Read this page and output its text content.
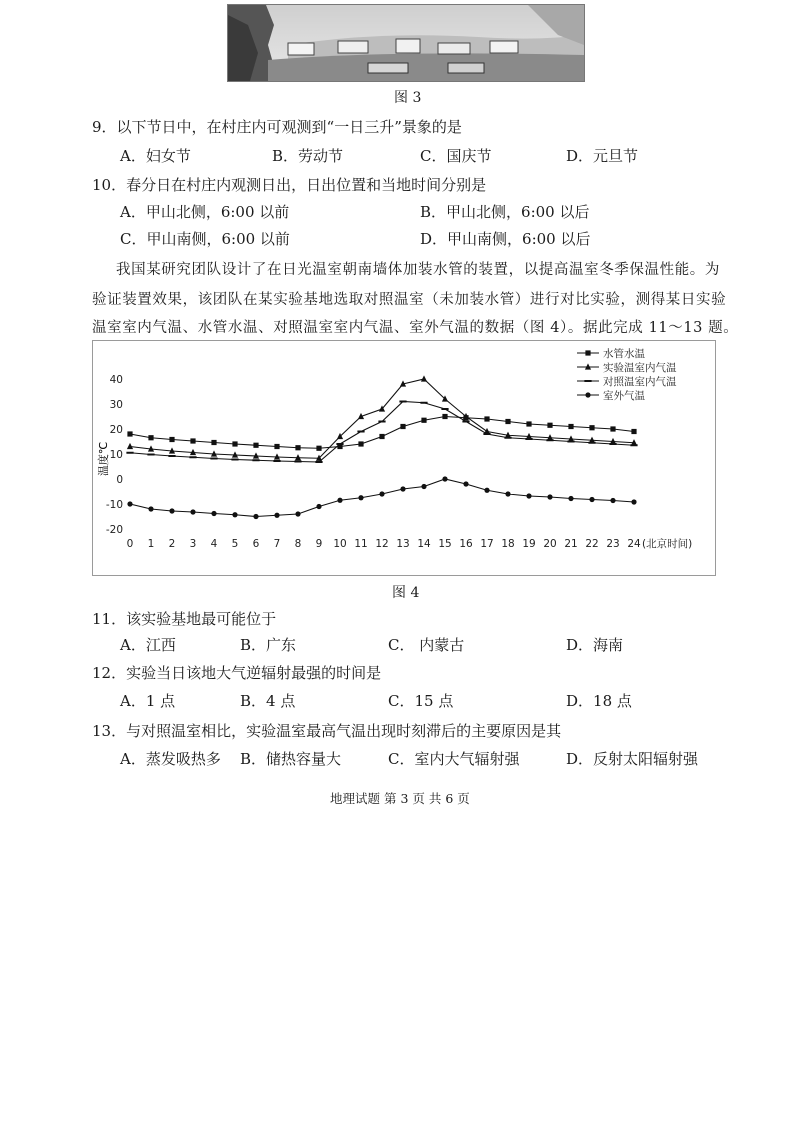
图 3
9．以下节日中，在村庄内可观测到“一日三升”景象的是
A．妇女节	B．劳动节	C．国庆节	D．元旦节
10．春分日在村庄内观测日出，日出位置和当地时间分别是
A．甲山北侧，6:00 以前	B．甲山北侧，6:00 以后
C．甲山南侧，6:00 以前	D．甲山南侧，6:00 以后
我国某研究团队设计了在日光温室朝南墙体加装水管的装置，以提高温室冬季保温性能。为
验证装置效果，该团队在某实验基地选取对照温室（未加装水管）进行对比实验，测得某日实验
温室室内气温、水管水温、对照温室室内气温、室外气温的数据（图 4）。据此完成 11～13 题。
温度℃
40
30
20
10
0
-10
-20
0 1 2 3 4 5 6 7 8 9 10 11 12 13 14 15 16 17 18 19 20 21 22 23 24 (北京时间)
水管水温
实验温室内气温
对照温室内气温
室外气温
图 4
11．该实验基地最可能位于
A．江西	B．广东	C． 内蒙古	D．海南
12．实验当日该地大气逆辐射最强的时间是
A．1 点	B．4 点	C．15 点	D．18 点
13．与对照温室相比，实验温室最高气温出现时刻滞后的主要原因是其
A．蒸发吸热多 B．储热容量大	C．室内大气辐射强	D．反射太阳辐射强
地理试题 第 3 页 共 6 页
